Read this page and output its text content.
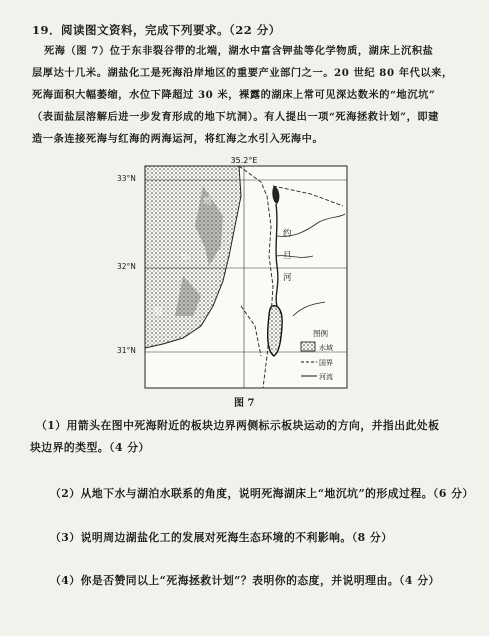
19．阅读图文资料，完成下列要求。（22 分）
死海（图 7）位于东非裂谷带的北端，湖水中富含钾盐等化学物质，湖床上沉积盐
层厚达十几米。湖盐化工是死海沿岸地区的重要产业部门之一。20 世纪 80 年代以来，
死海面积大幅萎缩，水位下降超过 30 米，裸露的湖床上常可见深达数米的“地沉坑”
（表面盐层溶解后进一步发育形成的地下坑洞）。有人提出一项“死海拯救计划”，即建
造一条连接死海与红海的两海运河，将红海之水引入死海中。
35.2°E
地
中
海
约
旦
河
图例
水域
国界
河流
33°N
32°N
31°N
图 7
（1）用箭头在图中死海附近的板块边界两侧标示板块运动的方向，并指出此处板
块边界的类型。（4 分）
（2）从地下水与湖泊水联系的角度，说明死海湖床上“地沉坑”的形成过程。（6 分）
（3）说明周边湖盐化工的发展对死海生态环境的不利影响。（8 分）
（4）你是否赞同以上“死海拯救计划”？表明你的态度，并说明理由。（4 分）
